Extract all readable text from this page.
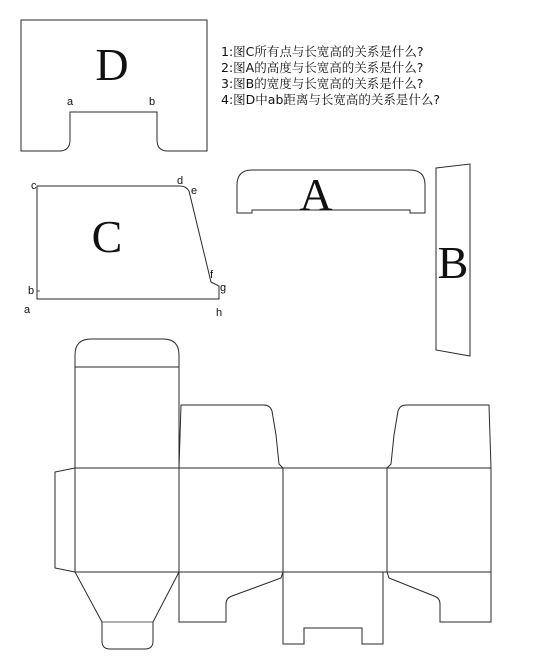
D
a	b
C
c	d
e
f
g
b
a	h
A
B
1:图C所有点与长宽高的关系是什么?
2:图A的高度与长宽高的关系是什么?
3:图B的宽度与长宽高的关系是什么?
4:图D中ab距离与长宽高的关系是什么?
